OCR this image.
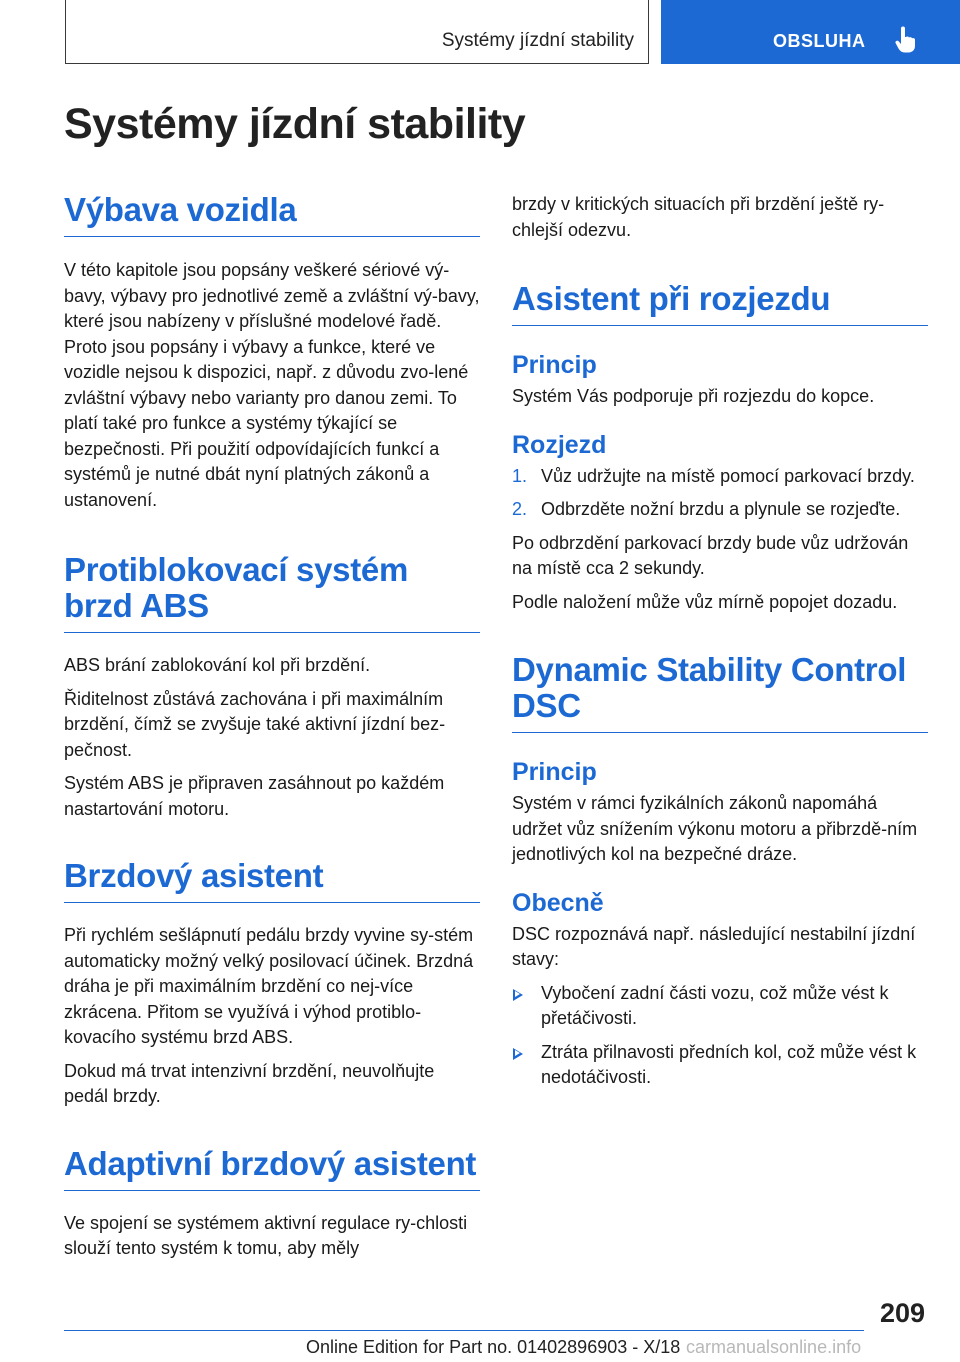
Systémy jízdní stability	OBSLUHA
Systémy jízdní stability
Výbava vozidla

V této kapitole jsou popsány veškeré sériové vý‐bavy, výbavy pro jednotlivé země a zvláštní vý‐bavy, které jsou nabízeny v příslušné modelové řadě. Proto jsou popsány i výbavy a funkce, které ve vozidle nejsou k dispozici, např. z důvodu zvo‐lené zvláštní výbavy nebo varianty pro danou zemi. To platí také pro funkce a systémy týkající se bezpečnosti. Při použití odpovídajících funkcí a systémů je nutné dbát nyní platných zákonů a ustanovení.

Protiblokovací systém brzd ABS

ABS brání zablokování kol při brzdění.

Řiditelnost zůstává zachována i při maximálním brzdění, čímž se zvyšuje také aktivní jízdní bez‐pečnost.

Systém ABS je připraven zasáhnout po každém nastartování motoru.

Brzdový asistent

Při rychlém sešlápnutí pedálu brzdy vyvine sy‐stém automaticky možný velký posilovací účinek. Brzdná dráha je při maximálním brzdění co nej‐více zkrácena. Přitom se využívá i výhod protiblo‐kovacího systému brzd ABS.

Dokud má trvat intenzivní brzdění, neuvolňujte pedál brzdy.

Adaptivní brzdový asistent

Ve spojení se systémem aktivní regulace ry‐chlosti slouží tento systém k tomu, aby měly

brzdy v kritických situacích při brzdění ještě ry‐chlejší odezvu.

Asistent při rozjezdu
Princip

Systém Vás podporuje při rozjezdu do kopce.

Rozjezd
1. Vůz udržujte na místě pomocí parkovací brzdy.
2. Odbrzděte nožní brzdu a plynule se rozjeďte.

Po odbrzdění parkovací brzdy bude vůz udržován na místě cca 2 sekundy.

Podle naložení může vůz mírně popojet dozadu.

Dynamic Stability Control DSC
Princip

Systém v rámci fyzikálních zákonů napomáhá udržet vůz snížením výkonu motoru a přibrzdě‐ním jednotlivých kol na bezpečné dráze.

Obecně

DSC rozpoznává např. následující nestabilní jízdní stavy:

Vybočení zadní části vozu, což může vést k přetáčivosti.
Ztráta přilnavosti předních kol, což může vést k nedotáčivosti.
209
Online Edition for Part no. 01402896903 - X/18 carmanualsonline.info
